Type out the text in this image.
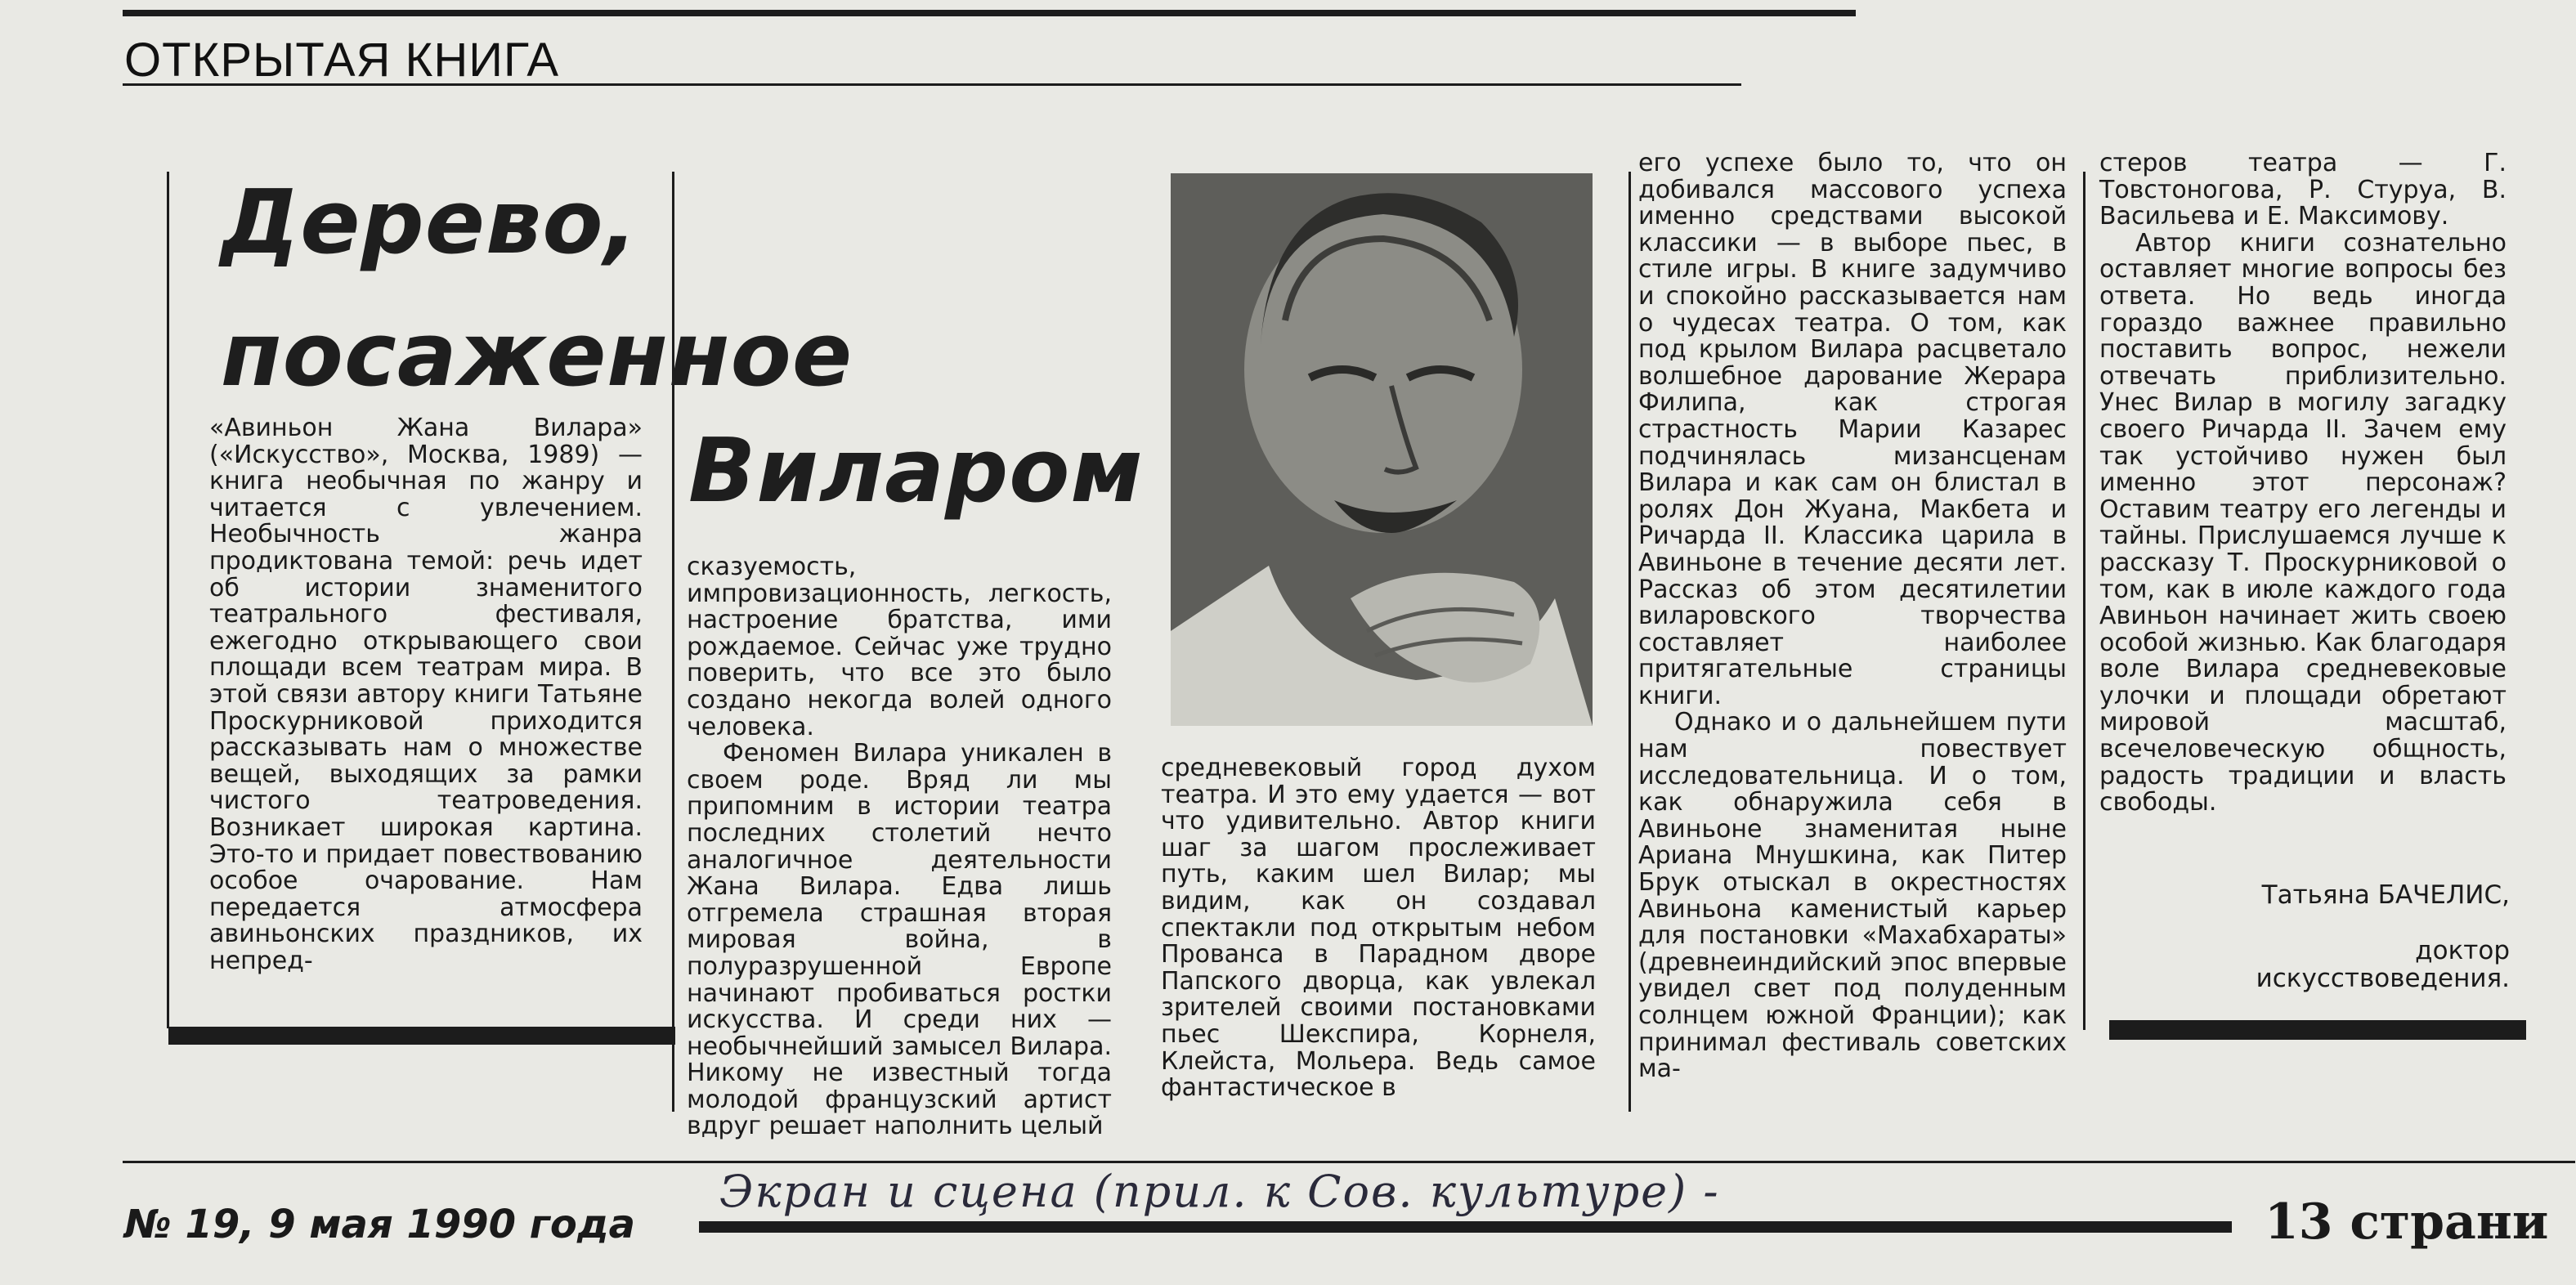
ОТКРЫТАЯ КНИГА
Дерево,
посаженное
Виларом

«Авиньон Жана Вилара» («Искусство», Москва, 1989) — книга необычная по жанру и читается с увлечением. Необычность жанра продиктована темой: речь идет об истории знаменитого театрального фестиваля, ежегодно открывающего свои площади всем театрам мира. В этой связи автору книги Татьяне Проскурниковой приходится рассказывать нам о множестве вещей, выходящих за рамки чистого театроведения. Возникает широкая картина. Это-то и придает повествованию особое очарование. Нам передается атмосфера авиньонских праздников, их непред-

сказуемость, импровизационность, легкость, настроение братства, ими рождаемое. Сейчас уже трудно поверить, что все это было создано некогда волей одного человека.

Феномен Вилара уникален в своем роде. Вряд ли мы припомним в истории театра последних столетий нечто аналогичное деятельности Жана Вилара. Едва лишь отгремела страшная вторая мировая война, в полуразрушенной Европе начинают пробиваться ростки искусства. И среди них — необычнейший замысел Вилара. Никому не известный тогда молодой французский артист вдруг решает наполнить целый

средневековый город духом театра. И это ему удается — вот что удивительно. Автор книги шаг за шагом прослеживает путь, каким шел Вилар; мы видим, как он создавал спектакли под открытым небом Прованса в Парадном дворе Папского дворца, как увлекал зрителей своими постановками пьес Шекспира, Корнеля, Клейста, Мольера. Ведь самое фантастическое в

его успехе было то, что он добивался массового успеха именно средствами высокой классики — в выборе пьес, в стиле игры. В книге задумчиво и спокойно рассказывается нам о чудесах театра. О том, как под крылом Вилара расцветало волшебное дарование Жерара Филипа, как строгая страстность Марии Казарес подчинялась мизансценам Вилара и как сам он блистал в ролях Дон Жуана, Макбета и Ричарда II. Классика царила в Авиньоне в течение десяти лет. Рассказ об этом десятилетии виларовского творчества составляет наиболее притягательные страницы книги.

Однако и о дальнейшем пути нам повествует исследовательница. И о том, как обнаружила себя в Авиньоне знаменитая ныне Ариана Мнушкина, как Питер Брук отыскал в окрестностях Авиньона каменистый карьер для постановки «Махабхараты» (древнеиндийский эпос впервые увидел свет под полуденным солнцем южной Франции); как принимал фестиваль советских ма-

стеров театра — Г. Товстоногова, Р. Стуруа, В. Васильева и Е. Максимову.

Автор книги сознательно оставляет многие вопросы без ответа. Но ведь иногда гораздо важнее правильно поставить вопрос, нежели отвечать приблизительно. Унес Вилар в могилу загадку своего Ричарда II. Зачем ему так устойчиво нужен был именно этот персонаж? Оставим театру его легенды и тайны. Прислушаемся лучше к рассказу Т. Проскурниковой о том, как в июле каждого года Авиньон начинает жить своею особой жизнью. Как благодаря воле Вилара средневековые улочки и площади обретают мировой масштаб, всечеловеческую общность, радость традиции и власть свободы.

Татьяна БАЧЕЛИС,
доктор
искусствоведения.
№ 19, 9 мая 1990 года
Экран и сцена (прил. к Сов. культуре) -
13 страни
